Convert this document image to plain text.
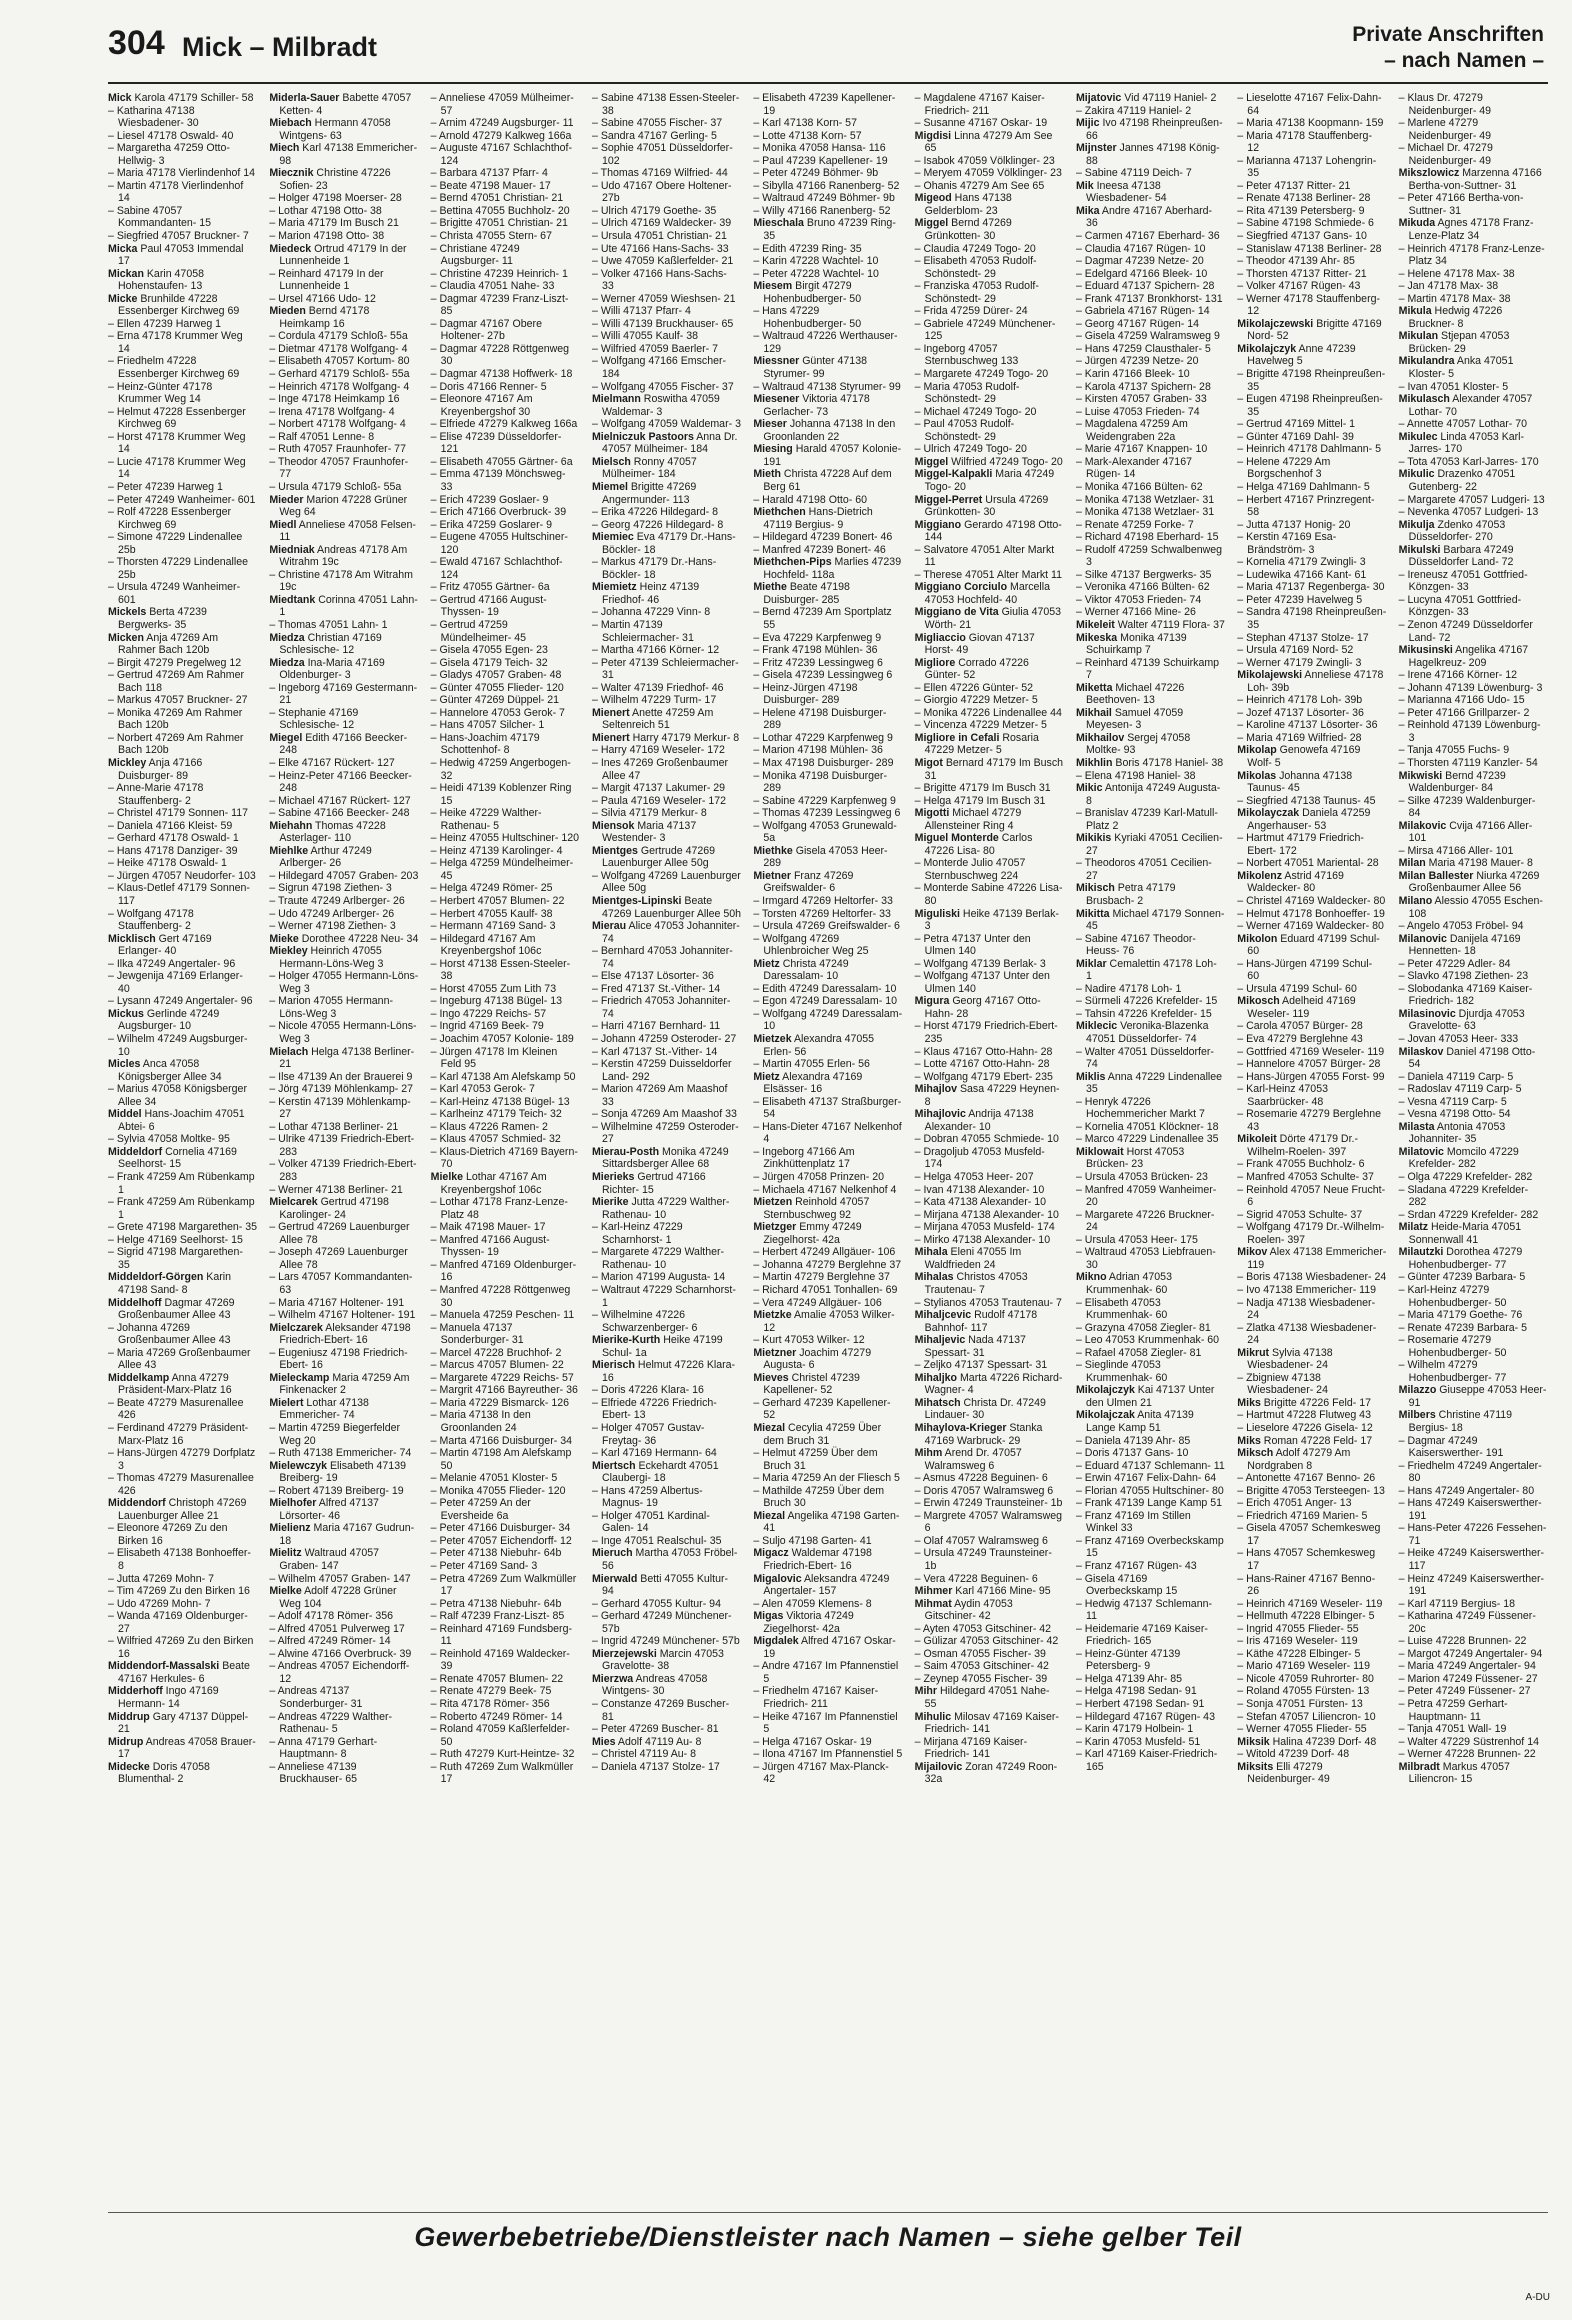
304 Mick – Milbradt	Private Anschriften
– nach Namen –

Mick Karola 47179 Schiller- 58

– Katharina 47138 Wiesbadener- 30

– Liesel 47178 Oswald- 40

– Margaretha 47259 Otto-Hellwig- 3

– Maria 47178 Vierlindenhof 14

– Martin 47178 Vierlindenhof 14

– Sabine 47057 Kommandanten- 15

– Siegfried 47057 Bruckner- 7

Micka Paul 47053 Immendal 17

Mickan Karin 47058 Hohenstaufen- 13

Micke Brunhilde 47228 Essenberger Kirchweg 69

– Ellen 47239 Harweg 1

– Erna 47178 Krummer Weg 14

– Friedhelm 47228 Essenberger Kirchweg 69

– Heinz-Günter 47178 Krummer Weg 14

– Helmut 47228 Essenberger Kirchweg 69

– Horst 47178 Krummer Weg 14

– Lucie 47178 Krummer Weg 14

– Peter 47239 Harweg 1

– Peter 47249 Wanheimer- 601

– Rolf 47228 Essenberger Kirchweg 69

– Simone 47229 Lindenallee 25b

– Thorsten 47229 Lindenallee 25b

– Ursula 47249 Wanheimer- 601

Mickels Berta 47239 Bergwerks- 35

Micken Anja 47269 Am Rahmer Bach 120b

– Birgit 47279 Pregelweg 12

– Gertrud 47269 Am Rahmer Bach 118

– Markus 47057 Bruckner- 27

– Monika 47269 Am Rahmer Bach 120b

– Norbert 47269 Am Rahmer Bach 120b

Mickley Anja 47166 Duisburger- 89

– Anne-Marie 47178 Stauffenberg- 2

– Christel 47179 Sonnen- 117

– Daniela 47166 Kleist- 59

– Gerhard 47178 Oswald- 1

– Hans 47178 Danziger- 39

– Heike 47178 Oswald- 1

– Jürgen 47057 Neudorfer- 103

– Klaus-Detlef 47179 Sonnen- 117

– Wolfgang 47178 Stauffenberg- 2

Micklisch Gert 47169 Erlanger- 40

– Ilka 47249 Angertaler- 96

– Jewgenija 47169 Erlanger- 40

– Lysann 47249 Angertaler- 96

Mickus Gerlinde 47249 Augsburger- 10

– Wilhelm 47249 Augsburger- 10

Micles Anca 47058 Königsberger Allee 34

– Marius 47058 Königsberger Allee 34

Middel Hans-Joachim 47051 Abtei- 6

– Sylvia 47058 Moltke- 95

Middeldorf Cornelia 47169 Seelhorst- 15

– Frank 47259 Am Rübenkamp 1

– Frank 47259 Am Rübenkamp 1

– Grete 47198 Margarethen- 35

– Helge 47169 Seelhorst- 15

– Sigrid 47198 Margarethen- 35

Middeldorf-Görgen Karin 47198 Sand- 8

Middelhoff Dagmar 47269 Großenbaumer Allee 43

– Johanna 47269 Großenbaumer Allee 43

– Maria 47269 Großenbaumer Allee 43

Middelkamp Anna 47279 Präsident-Marx-Platz 16

– Beate 47279 Masurenallee 426

– Ferdinand 47279 Präsident-Marx-Platz 16

– Hans-Jürgen 47279 Dorfplatz 3

– Thomas 47279 Masurenallee 426

Middendorf Christoph 47269 Lauenburger Allee 21

– Eleonore 47269 Zu den Birken 16

– Elisabeth 47138 Bonhoeffer- 8

– Jutta 47269 Mohn- 7

– Tim 47269 Zu den Birken 16

– Udo 47269 Mohn- 7

– Wanda 47169 Oldenburger- 27

– Wilfried 47269 Zu den Birken 16

Middendorf-Massalski Beate 47167 Herkules- 6

Midderhoff Ingo 47169 Hermann- 14

Middrup Gary 47137 Düppel- 21

Midrup Andreas 47058 Brauer- 17

Midecke Doris 47058 Blumenthal- 2

Miderla-Sauer Babette 47057 Ketten- 4

Miebach Hermann 47058 Wintgens- 63

Miech Karl 47138 Emmericher- 98

Miecznik Christine 47226 Sofien- 23

– Holger 47198 Moerser- 28

– Lothar 47198 Otto- 38

– Maria 47179 Im Busch 21

– Marion 47198 Otto- 38

Miedeck Ortrud 47179 In der Lunnenheide 1

– Reinhard 47179 In der Lunnenheide 1

– Ursel 47166 Udo- 12

Mieden Bernd 47178 Heimkamp 16

– Cordula 47179 Schloß- 55a

– Dietmar 47178 Wolfgang- 4

– Elisabeth 47057 Kortum- 80

– Gerhard 47179 Schloß- 55a

– Heinrich 47178 Wolfgang- 4

– Inge 47178 Heimkamp 16

– Irena 47178 Wolfgang- 4

– Norbert 47178 Wolfgang- 4

– Ralf 47051 Lenne- 8

– Ruth 47057 Fraunhofer- 77

– Theodor 47057 Fraunhofer- 77

– Ursula 47179 Schloß- 55a

Mieder Marion 47228 Grüner Weg 64

Miedl Anneliese 47058 Felsen- 11

Miedniak Andreas 47178 Am Witrahm 19c

– Christine 47178 Am Witrahm 19c

Miedtank Corinna 47051 Lahn- 1

– Thomas 47051 Lahn- 1

Miedza Christian 47169 Schlesische- 12

Miedza Ina-Maria 47169 Oldenburger- 3

– Ingeborg 47169 Gestermann- 21

– Stephanie 47169 Schlesische- 12

Miegel Edith 47166 Beecker- 248

– Elke 47167 Rückert- 127

– Heinz-Peter 47166 Beecker- 248

– Michael 47167 Rückert- 127

– Sabine 47166 Beecker- 248

Miehahn Thomas 47228 Asterlager- 110

Miehlke Arthur 47249 Arlberger- 26

– Hildegard 47057 Graben- 203

– Sigrun 47198 Ziethen- 3

– Traute 47249 Arlberger- 26

– Udo 47249 Arlberger- 26

– Werner 47198 Ziethen- 3

Mieke Dorothee 47228 Neu- 34

Miekley Heinrich 47055 Hermann-Löns-Weg 3

– Holger 47055 Hermann-Löns-Weg 3

– Marion 47055 Hermann-Löns-Weg 3

– Nicole 47055 Hermann-Löns-Weg 3

Mielach Helga 47138 Berliner- 21

– Ilse 47139 An der Brauerei 9

– Jörg 47139 Möhlenkamp- 27

– Kerstin 47139 Möhlenkamp- 27

– Lothar 47138 Berliner- 21

– Ulrike 47139 Friedrich-Ebert- 283

– Volker 47139 Friedrich-Ebert- 283

– Werner 47138 Berliner- 21

Mielcarek Gertrud 47198 Karolinger- 24

– Gertrud 47269 Lauenburger Allee 78

– Joseph 47269 Lauenburger Allee 78

– Lars 47057 Kommandanten- 63

– Maria 47167 Holtener- 191

– Wilhelm 47167 Holtener- 191

Mielczarek Aleksander 47198 Friedrich-Ebert- 16

– Eugeniusz 47198 Friedrich-Ebert- 16

Mieleckamp Maria 47259 Am Finkenacker 2

Mielert Lothar 47138 Emmericher- 74

– Martin 47259 Biegerfelder Weg 20

– Ruth 47138 Emmericher- 74

Mielewczyk Elisabeth 47139 Breiberg- 19

– Robert 47139 Breiberg- 19

Mielhofer Alfred 47137 Lörsorter- 46

Mielienz Maria 47167 Gudrun- 18

Mielitz Waltraud 47057 Graben- 147

– Wilhelm 47057 Graben- 147

Mielke Adolf 47228 Grüner Weg 104

– Adolf 47178 Römer- 356

– Alfred 47051 Pulverweg 17

– Alfred 47249 Römer- 14

– Alwine 47166 Overbruck- 39

– Andreas 47057 Eichendorff- 12

– Andreas 47137 Sonderburger- 31

– Andreas 47229 Walther-Rathenau- 5

– Anna 47179 Gerhart-Hauptmann- 8

– Anneliese 47139 Bruckhauser- 65

– Anneliese 47059 Mülheimer- 57

– Arnim 47249 Augsburger- 11

– Arnold 47279 Kalkweg 166a

– Auguste 47167 Schlachthof- 124

– Barbara 47137 Pfarr- 4

– Beate 47198 Mauer- 17

– Bernd 47051 Christian- 21

– Bettina 47055 Buchholz- 20

– Brigitte 47051 Christian- 21

– Christa 47055 Stern- 67

– Christiane 47249 Augsburger- 11

– Christine 47239 Heinrich- 1

– Claudia 47051 Nahe- 33

– Dagmar 47239 Franz-Liszt- 85

– Dagmar 47167 Obere Holtener- 27b

– Dagmar 47228 Röttgenweg 30

– Dagmar 47138 Hoffwerk- 18

– Doris 47166 Renner- 5

– Eleonore 47167 Am Kreyenbergshof 30

– Elfriede 47279 Kalkweg 166a

– Elise 47239 Düsseldorfer- 121

– Elisabeth 47055 Gärtner- 6a

– Emma 47139 Mönchsweg- 33

– Erich 47239 Goslaer- 9

– Erich 47166 Overbruck- 39

– Erika 47259 Goslarer- 9

– Eugene 47055 Hultschiner- 120

– Ewald 47167 Schlachthof- 124

– Fritz 47055 Gärtner- 6a

– Gertrud 47166 August-Thyssen- 19

– Gertrud 47259 Mündelheimer- 45

– Gisela 47055 Egen- 23

– Gisela 47179 Teich- 32

– Gladys 47057 Graben- 48

– Günter 47055 Flieder- 120

– Günter 47269 Düppel- 21

– Hannelore 47053 Gerok- 7

– Hans 47057 Silcher- 1

– Hans-Joachim 47179 Schottenhof- 8

– Hedwig 47259 Angerbogen- 32

– Heidi 47139 Koblenzer Ring 15

– Heike 47229 Walther-Rathenau- 5

– Heinz 47055 Hultschiner- 120

– Heinz 47139 Karolinger- 4

– Helga 47259 Mündelheimer- 45

– Helga 47249 Römer- 25

– Herbert 47057 Blumen- 22

– Herbert 47055 Kaulf- 38

– Hermann 47169 Sand- 3

– Hildegard 47167 Am Kreyenbergshof 106c

– Horst 47138 Essen-Steeler- 38

– Horst 47055 Zum Lith 73

– Ingeburg 47138 Bügel- 13

– Ingo 47229 Reichs- 57

– Ingrid 47169 Beek- 79

– Joachim 47057 Kolonie- 189

– Jürgen 47178 Im Kleinen Feld 95

– Karl 47138 Am Alefskamp 50

– Karl 47053 Gerok- 7

– Karl-Heinz 47138 Bügel- 13

– Karlheinz 47179 Teich- 32

– Klaus 47226 Ramen- 2

– Klaus 47057 Schmied- 32

– Klaus-Dietrich 47169 Bayern- 70

Mielke Lothar 47167 Am Kreyenbergshof 106c

– Lothar 47178 Franz-Lenze-Platz 48

– Maik 47198 Mauer- 17

– Manfred 47166 August-Thyssen- 19

– Manfred 47169 Oldenburger- 16

– Manfred 47228 Röttgenweg 30

– Manuela 47259 Peschen- 11

– Manuela 47137 Sonderburger- 31

– Marcel 47228 Bruchhof- 2

– Marcus 47057 Blumen- 22

– Margarete 47229 Reichs- 57

– Margrit 47166 Bayreuther- 36

– Maria 47229 Bismarck- 126

– Maria 47138 In den Groonlanden 24

– Marta 47166 Duisburger- 34

– Martin 47198 Am Alefskamp 50

– Melanie 47051 Kloster- 5

– Monika 47055 Flieder- 120

– Peter 47259 An der Eversheide 6a

– Peter 47166 Duisburger- 34

– Peter 47057 Eichendorff- 12

– Peter 47138 Niebuhr- 64b

– Peter 47169 Sand- 3

– Petra 47269 Zum Walkmüller 17

– Petra 47138 Niebuhr- 64b

– Ralf 47239 Franz-Liszt- 85

– Reinhard 47169 Fundsberg- 11

– Reinhold 47169 Waldecker- 39

– Renate 47057 Blumen- 22

– Renate 47279 Beek- 75

– Rita 47178 Römer- 356

– Roberto 47249 Römer- 14

– Roland 47059 Kaßlerfelder- 50

– Ruth 47279 Kurt-Heintze- 32

– Ruth 47269 Zum Walkmüller 17

– Sabine 47138 Essen-Steeler- 38

– Sabine 47055 Fischer- 37

– Sandra 47167 Gerling- 5

– Sophie 47051 Düsseldorfer- 102

– Thomas 47169 Wilfried- 44

– Udo 47167 Obere Holtener- 27b

– Ulrich 47179 Goethe- 35

– Ulrich 47169 Waldecker- 39

– Ursula 47051 Christian- 21

– Ute 47166 Hans-Sachs- 33

– Uwe 47059 Kaßlerfelder- 21

– Volker 47166 Hans-Sachs- 33

– Werner 47059 Wieshsen- 21

– Willi 47137 Pfarr- 4

– Willi 47139 Bruckhauser- 65

– Willi 47055 Kaulf- 38

– Wilfried 47059 Baerler- 7

– Wolfgang 47166 Emscher- 184

– Wolfgang 47055 Fischer- 37

Mielmann Roswitha 47059 Waldemar- 3

– Wolfgang 47059 Waldemar- 3

Mielniczuk Pastoors Anna Dr. 47057 Mülheimer- 184

Mielsch Ronny 47057 Mülheimer- 184

Miemel Brigitte 47269 Angermunder- 113

– Erika 47226 Hildegard- 8

– Georg 47226 Hildegard- 8

Miemiec Eva 47179 Dr.-Hans-Böckler- 18

– Markus 47179 Dr.-Hans-Böckler- 18

Miemietz Heinz 47139 Friedhof- 46

– Johanna 47229 Vinn- 8

– Martin 47139 Schleiermacher- 31

– Martha 47166 Körner- 12

– Peter 47139 Schleiermacher- 31

– Walter 47139 Friedhof- 46

– Wilhelm 47229 Turm- 17

Mienert Anette 47259 Am Seltenreich 51

Mienert Harry 47179 Merkur- 8

– Harry 47169 Weseler- 172

– Ines 47269 Großenbaumer Allee 47

– Margit 47137 Lakumer- 29

– Paula 47169 Weseler- 172

– Silvia 47179 Merkur- 8

Miensok Maria 47137 Westender- 3

Mientges Gertrude 47269 Lauenburger Allee 50g

– Wolfgang 47269 Lauenburger Allee 50g

Mientges-Lipinski Beate 47269 Lauenburger Allee 50h

Mierau Alice 47053 Johanniter- 74

– Bernhard 47053 Johanniter- 74

– Else 47137 Lösorter- 36

– Fred 47137 St.-Vither- 14

– Friedrich 47053 Johanniter- 74

– Harri 47167 Bernhard- 11

– Johann 47259 Osteroder- 27

– Karl 47137 St.-Vither- 14

– Kerstin 47259 Duisseldorfer Land- 292

– Marion 47269 Am Maashof 33

– Sonja 47269 Am Maashof 33

– Wilhelmine 47259 Osteroder- 27

Mierau-Posth Monika 47249 Sittardsberger Allee 68

Mierieks Gertrud 47166 Richter- 15

Mierike Jutta 47229 Walther-Rathenau- 10

– Karl-Heinz 47229 Scharnhorst- 1

– Margarete 47229 Walther-Rathenau- 10

– Marion 47199 Augusta- 14

– Waltraut 47229 Scharnhorst- 1

– Wilhelmine 47226 Schwarzenberger- 6

Mierike-Kurth Heike 47199 Schul- 1a

Mierisch Helmut 47226 Klara- 16

– Doris 47226 Klara- 16

– Elfriede 47226 Friedrich-Ebert- 13

– Holger 47057 Gustav-Freytag- 36

– Karl 47169 Hermann- 64

Miertsch Eckehardt 47051 Claubergi- 18

– Hans 47259 Albertus-Magnus- 19

– Holger 47051 Kardinal-Galen- 14

– Inge 47051 Realschul- 35

Mieruch Martha 47053 Fröbel- 56

Mierwald Betti 47055 Kultur- 94

– Gerhard 47055 Kultur- 94

– Gerhard 47249 Münchener- 57b

– Ingrid 47249 Münchener- 57b

Mierzejewski Marcin 47053 Gravelotte- 38

Mierzwa Andreas 47058 Wintgens- 30

– Constanze 47269 Buscher- 81

– Peter 47269 Buscher- 81

Mies Adolf 47119 Au- 8

– Christel 47119 Au- 8

– Daniela 47137 Stolze- 17

– Elisabeth 47239 Kapellener- 19

– Karl 47138 Korn- 57

– Lotte 47138 Korn- 57

– Monika 47058 Hansa- 116

– Paul 47239 Kapellener- 19

– Peter 47249 Böhmer- 9b

– Sibylla 47166 Ranenberg- 52

– Waltraud 47249 Böhmer- 9b

– Willy 47166 Ranenberg- 52

Mieschala Bruno 47239 Ring- 35

– Edith 47239 Ring- 35

– Karin 47228 Wachtel- 10

– Peter 47228 Wachtel- 10

Miesem Birgit 47279 Hohenbudberger- 50

– Hans 47229 Hohenbudberger- 50

– Waltraud 47226 Werthauser- 129

Miessner Günter 47138 Styrumer- 99

– Waltraud 47138 Styrumer- 99

Miesener Viktoria 47178 Gerlacher- 73

Mieser Johanna 47138 In den Groonlanden 22

Miesing Harald 47057 Kolonie- 191

Mieth Christa 47228 Auf dem Berg 61

– Harald 47198 Otto- 60

Miethchen Hans-Dietrich 47119 Bergius- 9

– Hildegard 47239 Bonert- 46

– Manfred 47239 Bonert- 46

Miethchen-Pips Marlies 47239 Hochfeld- 118a

Miethe Beate 47198 Duisburger- 285

– Bernd 47239 Am Sportplatz 55

– Eva 47229 Karpfenweg 9

– Frank 47198 Mühlen- 36

– Fritz 47239 Lessingweg 6

– Gisela 47239 Lessingweg 6

– Heinz-Jürgen 47198 Duisburger- 289

– Helene 47198 Duisburger- 289

– Lothar 47229 Karpfenweg 9

– Marion 47198 Mühlen- 36

– Max 47198 Duisburger- 289

– Monika 47198 Duisburger- 289

– Sabine 47229 Karpfenweg 9

– Thomas 47239 Lessingweg 6

– Wolfgang 47053 Grunewald- 5a

Miethke Gisela 47053 Heer- 289

Mietner Franz 47269 Greifswalder- 6

– Irmgard 47269 Heltorfer- 33

– Torsten 47269 Heltorfer- 33

– Ursula 47269 Greifswalder- 6

– Wolfgang 47269 Uhlenbroicher Weg 25

Mietz Christa 47249 Daressalam- 10

– Edith 47249 Daressalam- 10

– Egon 47249 Daressalam- 10

– Wolfgang 47249 Daressalam- 10

Mietzek Alexandra 47055 Erlen- 56

– Martin 47055 Erlen- 56

Mietz Alexandra 47169 Elsässer- 16

– Elisabeth 47137 Straßburger- 54

– Hans-Dieter 47167 Nelkenhof 4

– Ingeborg 47166 Am Zinkhüttenplatz 17

– Jürgen 47058 Prinzen- 20

– Michaela 47167 Nelkenhof 4

Mietzen Reinhold 47057 Sternbuschweg 92

Mietzger Emmy 47249 Ziegelhorst- 42a

– Herbert 47249 Allgäuer- 106

– Johanna 47279 Berglehne 37

– Martin 47279 Berglehne 37

– Richard 47051 Tonhallen- 69

– Vera 47249 Allgäuer- 106

Mietzke Amalie 47053 Wilker- 12

– Kurt 47053 Wilker- 12

Mietzner Joachim 47279 Augusta- 6

Mieves Christel 47239 Kapellener- 52

– Gerhard 47239 Kapellener- 52

Miezal Cecylia 47259 Über dem Bruch 31

– Helmut 47259 Über dem Bruch 31

– Maria 47259 An der Fliesch 5

– Mathilde 47259 Über dem Bruch 30

Miezal Angelika 47198 Garten- 41

– Suljo 47198 Garten- 41

Migacz Waldemar 47198 Friedrich-Ebert- 16

Migalovic Aleksandra 47249 Angertaler- 157

– Alen 47059 Klemens- 8

Migas Viktoria 47249 Ziegelhorst- 42a

Migdalek Alfred 47167 Oskar- 19

– Andre 47167 Im Pfannenstiel 5

– Friedhelm 47167 Kaiser-Friedrich- 211

– Heike 47167 Im Pfannenstiel 5

– Helga 47167 Oskar- 19

– Ilona 47167 Im Pfannenstiel 5

– Jürgen 47167 Max-Planck- 42

– Magdalene 47167 Kaiser-Friedrich- 211

– Susanne 47167 Oskar- 19

Migdisi Linna 47279 Am See 65

– Isabok 47059 Völklinger- 23

– Meryem 47059 Völklinger- 23

– Ohanis 47279 Am See 65

Migeod Hans 47138 Gelderblom- 23

Miggel Bernd 47269 Grünkotten- 30

– Claudia 47249 Togo- 20

– Elisabeth 47053 Rudolf-Schönstedt- 29

– Franziska 47053 Rudolf-Schönstedt- 29

– Frida 47259 Dürer- 24

– Gabriele 47249 Münchener- 125

– Ingeborg 47057 Sternbuschweg 133

– Margarete 47249 Togo- 20

– Maria 47053 Rudolf-Schönstedt- 29

– Michael 47249 Togo- 20

– Paul 47053 Rudolf-Schönstedt- 29

– Ulrich 47249 Togo- 20

Miggel Wilfried 47249 Togo- 20

Miggel-Kalpakli Maria 47249 Togo- 20

Miggel-Perret Ursula 47269 Grünkotten- 30

Miggiano Gerardo 47198 Otto- 144

– Salvatore 47051 Alter Markt 11

– Therese 47051 Alter Markt 11

Miggiano Corciulo Marcella 47053 Hochfeld- 40

Miggiano de Vita Giulia 47053 Wörth- 21

Migliaccio Giovan 47137 Horst- 49

Migliore Corrado 47226 Günter- 52

– Ellen 47226 Günter- 52

– Giorgio 47229 Metzer- 5

– Monika 47226 Lindenallee 44

– Vincenza 47229 Metzer- 5

Migliore in Cefali Rosaria 47229 Metzer- 5

Migot Bernard 47179 Im Busch 31

– Brigitte 47179 Im Busch 31

– Helga 47179 Im Busch 31

Migotti Michael 47279 Allensteiner Ring 4

Miguel Monterde Carlos 47226 Lisa- 80

– Monterde Julio 47057 Sternbuschweg 224

– Monterde Sabine 47226 Lisa- 80

Miguliski Heike 47139 Berlak- 3

– Petra 47137 Unter den Ulmen 140

– Wolfgang 47139 Berlak- 3

– Wolfgang 47137 Unter den Ulmen 140

Migura Georg 47167 Otto-Hahn- 28

– Horst 47179 Friedrich-Ebert- 235

– Klaus 47167 Otto-Hahn- 28

– Lotte 47167 Otto-Hahn- 28

– Wolfgang 47179 Ebert- 235

Mihajlov Sasa 47229 Heynen- 8

Mihajlovic Andrija 47138 Alexander- 10

– Dobran 47055 Schmiede- 10

– Dragoljub 47053 Musfeld- 174

– Helga 47053 Heer- 207

– Ivan 47138 Alexander- 10

– Kata 47138 Alexander- 10

– Mirjana 47138 Alexander- 10

– Mirjana 47053 Musfeld- 174

– Mirko 47138 Alexander- 10

Mihala Eleni 47055 Im Waldfrieden 24

Mihalas Christos 47053 Trautenau- 7

– Stylianos 47053 Trautenau- 7

Mihaljcevic Rudolf 47178 Bahnhof- 117

Mihaljevic Nada 47137 Spessart- 31

– Zeljko 47137 Spessart- 31

Mihaljko Marta 47226 Richard-Wagner- 4

Mihatsch Christa Dr. 47249 Lindauer- 30

Mihaylova-Krieger Stanka 47169 Warbruck- 29

Mihm Arend Dr. 47057 Walramsweg 6

– Asmus 47228 Beguinen- 6

– Doris 47057 Walramsweg 6

– Erwin 47249 Traunsteiner- 1b

– Margrete 47057 Walramsweg 6

– Olaf 47057 Walramsweg 6

– Ursula 47249 Traunsteiner- 1b

– Vera 47228 Beguinen- 6

Mihmer Karl 47166 Mine- 95

Mihmat Aydin 47053 Gitschiner- 42

– Ayten 47053 Gitschiner- 42

– Gülizar 47053 Gitschiner- 42

– Osman 47055 Fischer- 39

– Saim 47053 Gitschiner- 42

– Zeynep 47055 Fischer- 39

Mihr Hildegard 47051 Nahe- 55

Mihulic Milosav 47169 Kaiser-Friedrich- 141

– Mirjana 47169 Kaiser-Friedrich- 141

Mijailovic Zoran 47249 Roon- 32a

Mijatovic Vid 47119 Haniel- 2

– Zakira 47119 Haniel- 2

Mijic Ivo 47198 Rheinpreußen- 66

Mijnster Jannes 47198 König- 88

– Sabine 47119 Deich- 7

Mik Ineesa 47138 Wiesbadener- 54

Mika Andre 47167 Aberhard- 36

– Carmen 47167 Eberhard- 36

– Claudia 47167 Rügen- 10

– Dagmar 47239 Netze- 20

– Edelgard 47166 Bleek- 10

– Eduard 47137 Spichern- 28

– Frank 47137 Bronkhorst- 131

– Gabriela 47167 Rügen- 14

– Georg 47167 Rügen- 14

– Gisela 47259 Walramsweg 9

– Hans 47259 Clausthaler- 5

– Jürgen 47239 Netze- 20

– Karin 47166 Bleek- 10

– Karola 47137 Spichern- 28

– Kirsten 47057 Graben- 33

– Luise 47053 Frieden- 74

– Magdalena 47259 Am Weidengraben 22a

– Marie 47167 Knappen- 10

– Mark-Alexander 47167 Rügen- 14

– Monika 47166 Bülten- 62

– Monika 47138 Wetzlaer- 31

– Monika 47138 Wetzlaer- 31

– Renate 47259 Forke- 7

– Richard 47198 Eberhard- 15

– Rudolf 47259 Schwalbenweg 3

– Silke 47137 Bergwerks- 35

– Veronika 47166 Bülten- 62

– Viktor 47053 Frieden- 74

– Werner 47166 Mine- 26

Mikeleit Walter 47119 Flora- 37

Mikeska Monika 47139 Schuirkamp 7

– Reinhard 47139 Schuirkamp 7

Miketta Michael 47226 Beethoven- 13

Mikhail Samuel 47059 Meyesen- 3

Mikhailov Sergej 47058 Moltke- 93

Mikhlin Boris 47178 Haniel- 38

– Elena 47198 Haniel- 38

Mikic Antonija 47249 Augusta- 8

– Branislav 47239 Karl-Matull-Platz 2

Mikikis Kyriaki 47051 Cecilien- 27

– Theodoros 47051 Cecilien- 27

Mikisch Petra 47179 Brusbach- 2

Mikitta Michael 47179 Sonnen- 45

– Sabine 47167 Theodor-Heuss- 76

Miklar Cemalettin 47178 Loh- 1

– Nadire 47178 Loh- 1

– Sürmeli 47226 Krefelder- 15

– Tahsin 47226 Krefelder- 15

Miklecic Veronika-Blazenka 47051 Düsseldorfer- 74

– Walter 47051 Düsseldorfer- 74

Miklis Anna 47229 Lindenallee 35

– Henryk 47226 Hochemmericher Markt 7

– Kornelia 47051 Klöckner- 18

– Marco 47229 Lindenallee 35

Miklowait Horst 47053 Brücken- 23

– Ursula 47053 Brücken- 23

– Manfred 47059 Wanheimer- 20

– Margarete 47226 Bruckner- 24

– Ursula 47053 Heer- 175

– Waltraud 47053 Liebfrauen- 30

Mikno Adrian 47053 Krummenhak- 60

– Elisabeth 47053 Krummenhak- 60

– Grazyna 47058 Ziegler- 81

– Leo 47053 Krummenhak- 60

– Rafael 47058 Ziegler- 81

– Sieglinde 47053 Krummenhak- 60

Mikolajczyk Kai 47137 Unter den Ulmen 21

Mikolajczak Anita 47139 Lange Kamp 51

– Daniela 47139 Ahr- 85

– Doris 47137 Gans- 10

– Eduard 47137 Schlemann- 11

– Erwin 47167 Felix-Dahn- 64

– Florian 47055 Hultschiner- 80

– Frank 47139 Lange Kamp 51

– Franz 47169 Im Stillen Winkel 33

– Franz 47169 Overbeckskamp 15

– Franz 47167 Rügen- 43

– Gisela 47169 Overbeckskamp 15

– Hedwig 47137 Schlemann- 11

– Heidemarie 47169 Kaiser-Friedrich- 165

– Heinz-Günter 47139 Petersberg- 9

– Helga 47139 Ahr- 85

– Helga 47198 Sedan- 91

– Herbert 47198 Sedan- 91

– Hildegard 47167 Rügen- 43

– Karin 47179 Holbein- 1

– Karin 47053 Musfeld- 51

– Karl 47169 Kaiser-Friedrich- 165

– Lieselotte 47167 Felix-Dahn- 64

– Maria 47138 Koopmann- 159

– Maria 47178 Stauffenberg- 12

– Marianna 47137 Lohengrin- 35

– Peter 47137 Ritter- 21

– Renate 47138 Berliner- 28

– Rita 47139 Petersberg- 9

– Sabine 47198 Schmiede- 6

– Siegfried 47137 Gans- 10

– Stanislaw 47138 Berliner- 28

– Theodor 47139 Ahr- 85

– Thorsten 47137 Ritter- 21

– Volker 47167 Rügen- 43

– Werner 47178 Stauffenberg- 12

Mikolajczewski Brigitte 47169 Nord- 52

Mikolajczyk Anne 47239 Havelweg 5

– Brigitte 47198 Rheinpreußen- 35

– Eugen 47198 Rheinpreußen- 35

– Gertrud 47169 Mittel- 1

– Günter 47169 Dahl- 39

– Heinrich 47178 Dahlmann- 5

– Helene 47229 Am Borgschenhof 3

– Helga 47169 Dahlmann- 5

– Herbert 47167 Prinzregent- 58

– Jutta 47137 Honig- 20

– Kerstin 47169 Esa-Brändström- 3

– Kornelia 47179 Zwingli- 3

– Ludewika 47166 Kant- 61

– Maria 47137 Regenberga- 30

– Peter 47239 Havelweg 5

– Sandra 47198 Rheinpreußen- 35

– Stephan 47137 Stolze- 17

– Ursula 47169 Nord- 52

– Werner 47179 Zwingli- 3

Mikolajewski Anneliese 47178 Loh- 39b

– Heinrich 47178 Loh- 39b

– Jozef 47137 Lösorter- 36

– Karoline 47137 Lösorter- 36

– Maria 47169 Wilfried- 28

Mikolap Genowefa 47169 Wolf- 5

Mikolas Johanna 47138 Taunus- 45

– Siegfried 47138 Taunus- 45

Mikolayczak Daniela 47259 Angerhauser- 53

– Hartmut 47179 Friedrich-Ebert- 172

– Norbert 47051 Mariental- 28

Mikolenz Astrid 47169 Waldecker- 80

– Christel 47169 Waldecker- 80

– Helmut 47178 Bonhoeffer- 19

– Werner 47169 Waldecker- 80

Mikolon Eduard 47199 Schul- 60

– Hans-Jürgen 47199 Schul- 60

– Ursula 47199 Schul- 60

Mikosch Adelheid 47169 Weseler- 119

– Carola 47057 Bürger- 28

– Eva 47279 Berglehne 43

– Gottfried 47169 Weseler- 119

– Hannelore 47057 Bürger- 28

– Hans-Jürgen 47055 Forst- 99

– Karl-Heinz 47053 Saarbrücker- 48

– Rosemarie 47279 Berglehne 43

Mikoleit Dörte 47179 Dr.-Wilhelm-Roelen- 397

– Frank 47055 Buchholz- 6

– Manfred 47053 Schulte- 37

– Reinhold 47057 Neue Frucht- 6

– Sigrid 47053 Schulte- 37

– Wolfgang 47179 Dr.-Wilhelm-Roelen- 397

Mikov Alex 47138 Emmericher- 119

– Boris 47138 Wiesbadener- 24

– Ivo 47138 Emmericher- 119

– Nadja 47138 Wiesbadener- 24

– Zlatka 47138 Wiesbadener- 24

Mikrut Sylvia 47138 Wiesbadener- 24

– Zbigniew 47138 Wiesbadener- 24

Miks Brigitte 47226 Feld- 17

– Hartmut 47228 Flutweg 43

– Lieselore 47226 Gisela- 12

Miks Roman 47228 Feld- 17

Miksch Adolf 47279 Am Nordgraben 8

– Antonette 47167 Benno- 26

– Brigitte 47053 Tersteegen- 13

– Erich 47051 Anger- 13

– Friedrich 47169 Marien- 5

– Gisela 47057 Schemkesweg 17

– Hans 47057 Schemkesweg 17

– Hans-Rainer 47167 Benno- 26

– Heinrich 47169 Weseler- 119

– Hellmuth 47228 Elbinger- 5

– Ingrid 47055 Flieder- 55

– Iris 47169 Weseler- 119

– Käthe 47228 Elbinger- 5

– Mario 47169 Weseler- 119

– Nicole 47059 Ruhrorter- 80

– Roland 47055 Fürsten- 13

– Sonja 47051 Fürsten- 13

– Stefan 47057 Liliencron- 10

– Werner 47055 Flieder- 55

Miksik Halina 47239 Dorf- 48

– Witold 47239 Dorf- 48

Miksits Elli 47279 Neidenburger- 49

– Klaus Dr. 47279 Neidenburger- 49

– Marlene 47279 Neidenburger- 49

– Michael Dr. 47279 Neidenburger- 49

Mikszlowicz Marzenna 47166 Bertha-von-Suttner- 31

– Peter 47166 Bertha-von-Suttner- 31

Mikuda Agnes 47178 Franz-Lenze-Platz 34

– Heinrich 47178 Franz-Lenze-Platz 34

– Helene 47178 Max- 38

– Jan 47178 Max- 38

– Martin 47178 Max- 38

Mikula Hedwig 47226 Bruckner- 8

Mikulan Stjepan 47053 Brücken- 29

Mikulandra Anka 47051 Kloster- 5

– Ivan 47051 Kloster- 5

Mikulasch Alexander 47057 Lothar- 70

– Annette 47057 Lothar- 70

Mikulec Linda 47053 Karl-Jarres- 170

– Tota 47053 Karl-Jarres- 170

Mikulic Drazenko 47051 Gutenberg- 22

– Margarete 47057 Ludgeri- 13

– Nevenka 47057 Ludgeri- 13

Mikulja Zdenko 47053 Düsseldorfer- 270

Mikulski Barbara 47249 Düsseldorfer Land- 72

– Ireneusz 47051 Gottfried-Könzgen- 33

– Lucyna 47051 Gottfried-Könzgen- 33

– Zenon 47249 Düsseldorfer Land- 72

Mikusinski Angelika 47167 Hagelkreuz- 209

– Irene 47166 Körner- 12

– Johann 47139 Löwenburg- 3

– Marianna 47166 Udo- 15

– Peter 47166 Grillparzer- 2

– Reinhold 47139 Löwenburg- 3

– Tanja 47055 Fuchs- 9

– Thorsten 47119 Kanzler- 54

Mikwiski Bernd 47239 Waldenburger- 84

– Silke 47239 Waldenburger- 84

Milakovic Cvija 47166 Aller- 101

– Mirsa 47166 Aller- 101

Milan Maria 47198 Mauer- 8

Milan Ballester Niurka 47269 Großenbaumer Allee 56

Milano Alessio 47055 Eschen- 108

– Angelo 47053 Fröbel- 94

Milanovic Danijela 47169 Hennetten- 18

– Peter 47229 Adler- 84

– Slavko 47198 Ziethen- 23

– Slobodanka 47169 Kaiser-Friedrich- 182

Milasinovic Djurdja 47053 Gravelotte- 63

– Jovan 47053 Heer- 333

Milaskov Daniel 47198 Otto- 54

– Daniela 47119 Carp- 5

– Radoslav 47119 Carp- 5

– Vesna 47119 Carp- 5

– Vesna 47198 Otto- 54

Milasta Antonia 47053 Johanniter- 35

Milatovic Momcilo 47229 Krefelder- 282

– Olga 47229 Krefelder- 282

– Sladana 47229 Krefelder- 282

– Srdan 47229 Krefelder- 282

Milatz Heide-Maria 47051 Sonnenwall 41

Milautzki Dorothea 47279 Hohenbudberger- 77

– Günter 47239 Barbara- 5

– Karl-Heinz 47279 Hohenbudberger- 50

– Maria 47179 Goethe- 76

– Renate 47239 Barbara- 5

– Rosemarie 47279 Hohenbudberger- 50

– Wilhelm 47279 Hohenbudberger- 77

Milazzo Giuseppe 47053 Heer- 91

Milbers Christine 47119 Bergius- 18

– Dagmar 47249 Kaiserswerther- 191

– Friedhelm 47249 Angertaler- 80

– Hans 47249 Angertaler- 80

– Hans 47249 Kaiserswerther- 191

– Hans-Peter 47226 Fessehen- 71

– Heike 47249 Kaiserswerther- 117

– Heinz 47249 Kaiserswerther- 191

– Karl 47119 Bergius- 18

– Katharina 47249 Füssener- 20c

– Luise 47228 Brunnen- 22

– Margot 47249 Angertaler- 94

– Maria 47249 Angertaler- 94

– Marion 47249 Füssener- 27

– Peter 47249 Füssener- 27

– Petra 47259 Gerhart-Hauptmann- 11

– Tanja 47051 Wall- 19

– Walter 47229 Süstrenhof 14

– Werner 47228 Brunnen- 22

Milbradt Markus 47057 Liliencron- 15

Gewerbebetriebe/Dienstleister nach Namen – siehe gelber Teil
A-DU
